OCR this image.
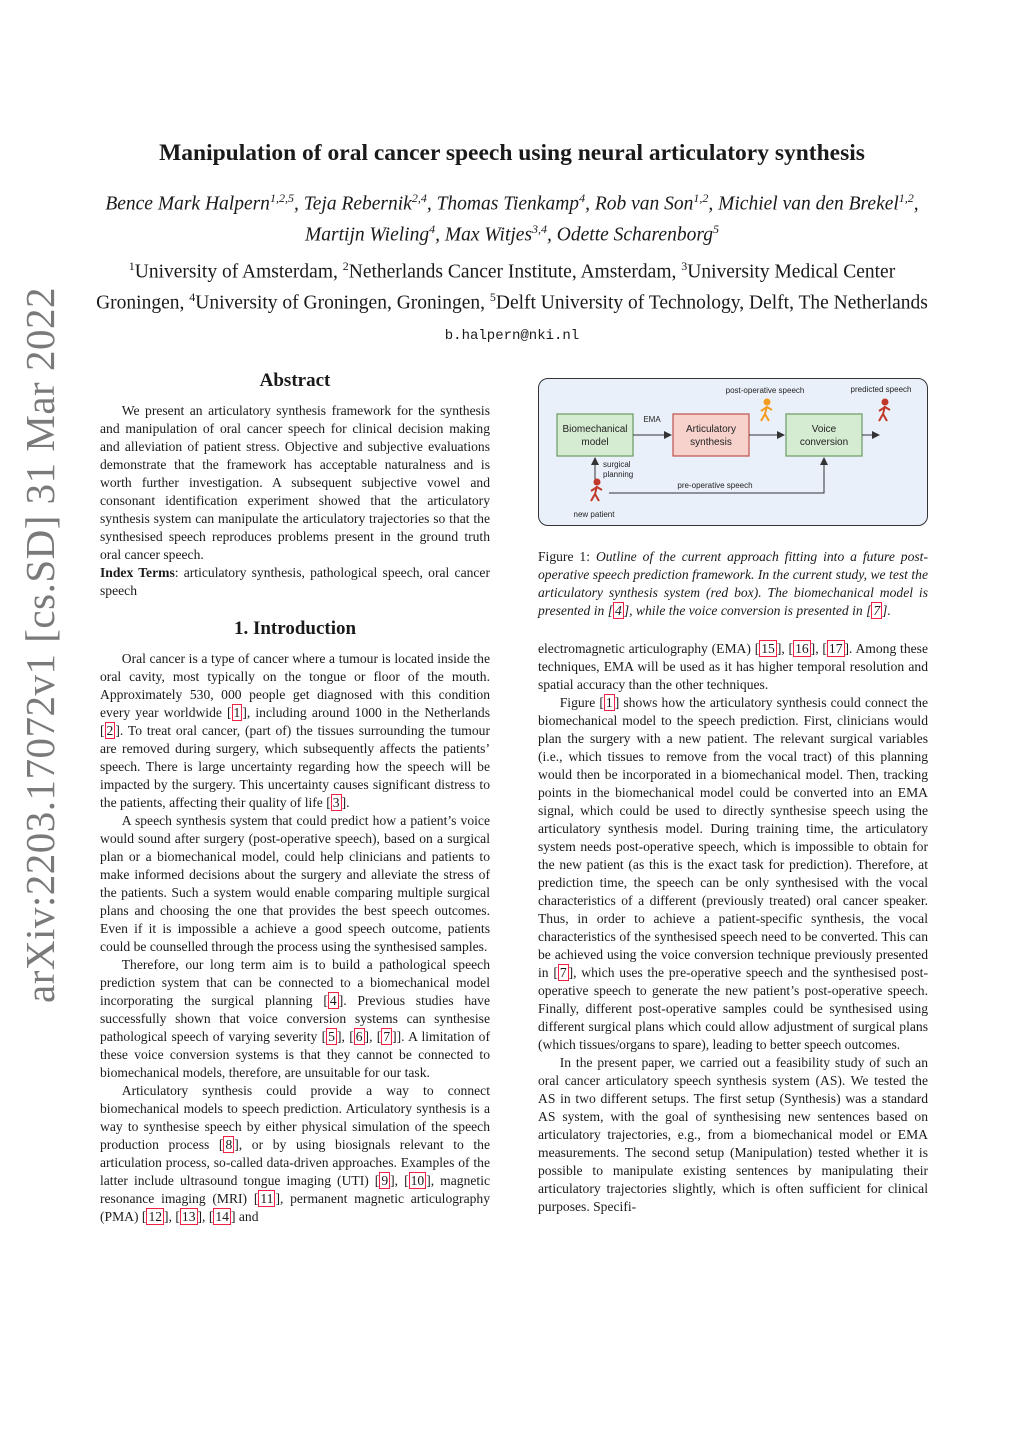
arXiv:2203.17072v1 [cs.SD] 31 Mar 2022
Manipulation of oral cancer speech using neural articulatory synthesis
Bence Mark Halpern$^{1,2,5}$, Teja Rebernik$^{2,4}$, Thomas Tienkamp$^4$, Rob van Son$^{1,2}$, Michiel van den Brekel$^{1,2}$, Martijn Wieling$^4$, Max Witjes$^{3,4}$, Odette Scharenborg$^5$
$^1$University of Amsterdam, $^2$Netherlands Cancer Institute, Amsterdam, $^3$University Medical Center Groningen, $^4$University of Groningen, Groningen, $^5$Delft University of Technology, Delft, The Netherlands
b.halpern@nki.nl
Abstract

We present an articulatory synthesis framework for the synthesis and manipulation of oral cancer speech for clinical decision making and alleviation of patient stress. Objective and subjective evaluations demonstrate that the framework has acceptable naturalness and is worth further investigation. A subsequent subjective vowel and consonant identification experiment showed that the articulatory synthesis system can manipulate the articulatory trajectories so that the synthesised speech reproduces problems present in the ground truth oral cancer speech.

Index Terms: articulatory synthesis, pathological speech, oral cancer speech

1. Introduction

Oral cancer is a type of cancer where a tumour is located inside the oral cavity, most typically on the tongue or floor of the mouth. Approximately 530, 000 people get diagnosed with this condition every year worldwide [ 1 ], including around 1000 in the Netherlands [ 2 ]. To treat oral cancer, (part of) the tissues surrounding the tumour are removed during surgery, which subsequently affects the patients’ speech. There is large uncertainty regarding how the speech will be impacted by the surgery. This uncertainty causes significant distress to the patients, affecting their quality of life [ 3 ].

A speech synthesis system that could predict how a patient’s voice would sound after surgery (post-operative speech), based on a surgical plan or a biomechanical model, could help clinicians and patients to make informed decisions about the surgery and alleviate the stress of the patients. Such a system would enable comparing multiple surgical plans and choosing the one that provides the best speech outcomes. Even if it is impossible a achieve a good speech outcome, patients could be counselled through the process using the synthesised samples.

Therefore, our long term aim is to build a pathological speech prediction system that can be connected to a biomechanical model incorporating the surgical planning [ 4 ]. Previous studies have successfully shown that voice conversion systems can synthesise pathological speech of varying severity [ 5 ], [ 6 ], [ 7 ]]. A limitation of these voice conversion systems is that they cannot be connected to biomechanical models, therefore, are unsuitable for our task.

Articulatory synthesis could provide a way to connect biomechanical models to speech prediction. Articulatory synthesis is a way to synthesise speech by either physical simulation of the speech production process [ 8 ], or by using biosignals relevant to the articulation process, so-called data-driven approaches. Examples of the latter include ultrasound tongue imaging (UTI) [ 9 ], [ 10 ], magnetic resonance imaging (MRI) [ 11 ], permanent magnetic articulography (PMA) [ 12 ], [ 13 ], [ 14 ] and

Biomechanical
model
Articulatory
synthesis
Voice
conversion
EMA
surgical
planning
pre-operative speech
post-operative speech	predicted speech
new patient
Figure 1: Outline of the current approach fitting into a future post-operative speech prediction framework. In the current study, we test the articulatory synthesis system (red box). The biomechanical model is presented in [ 4 ], while the voice conversion is presented in [ 7 ].

electromagnetic articulography (EMA) [ 15 ], [ 16 ], [ 17 ]. Among these techniques, EMA will be used as it has higher temporal resolution and spatial accuracy than the other techniques.

Figure [ 1 ] shows how the articulatory synthesis could connect the biomechanical model to the speech prediction. First, clinicians would plan the surgery with a new patient. The relevant surgical variables (i.e., which tissues to remove from the vocal tract) of this planning would then be incorporated in a biomechanical model. Then, tracking points in the biomechanical model could be converted into an EMA signal, which could be used to directly synthesise speech using the articulatory synthesis model. During training time, the articulatory system needs post-operative speech, which is impossible to obtain for the new patient (as this is the exact task for prediction). Therefore, at prediction time, the speech can be only synthesised with the vocal characteristics of a different (previously treated) oral cancer speaker. Thus, in order to achieve a patient-specific synthesis, the vocal characteristics of the synthesised speech need to be converted. This can be achieved using the voice conversion technique previously presented in [ 7 ], which uses the pre-operative speech and the synthesised post-operative speech to generate the new patient’s post-operative speech. Finally, different post-operative samples could be synthesised using different surgical plans which could allow adjustment of surgical plans (which tissues/organs to spare), leading to better speech outcomes.

In the present paper, we carried out a feasibility study of such an oral cancer articulatory speech synthesis system (AS). We tested the AS in two different setups. The first setup (Synthesis) was a standard AS system, with the goal of synthesising new sentences based on articulatory trajectories, e.g., from a biomechanical model or EMA measurements. The second setup (Manipulation) tested whether it is possible to manipulate existing sentences by manipulating their articulatory trajectories slightly, which is often sufficient for clinical purposes. Specifi-
